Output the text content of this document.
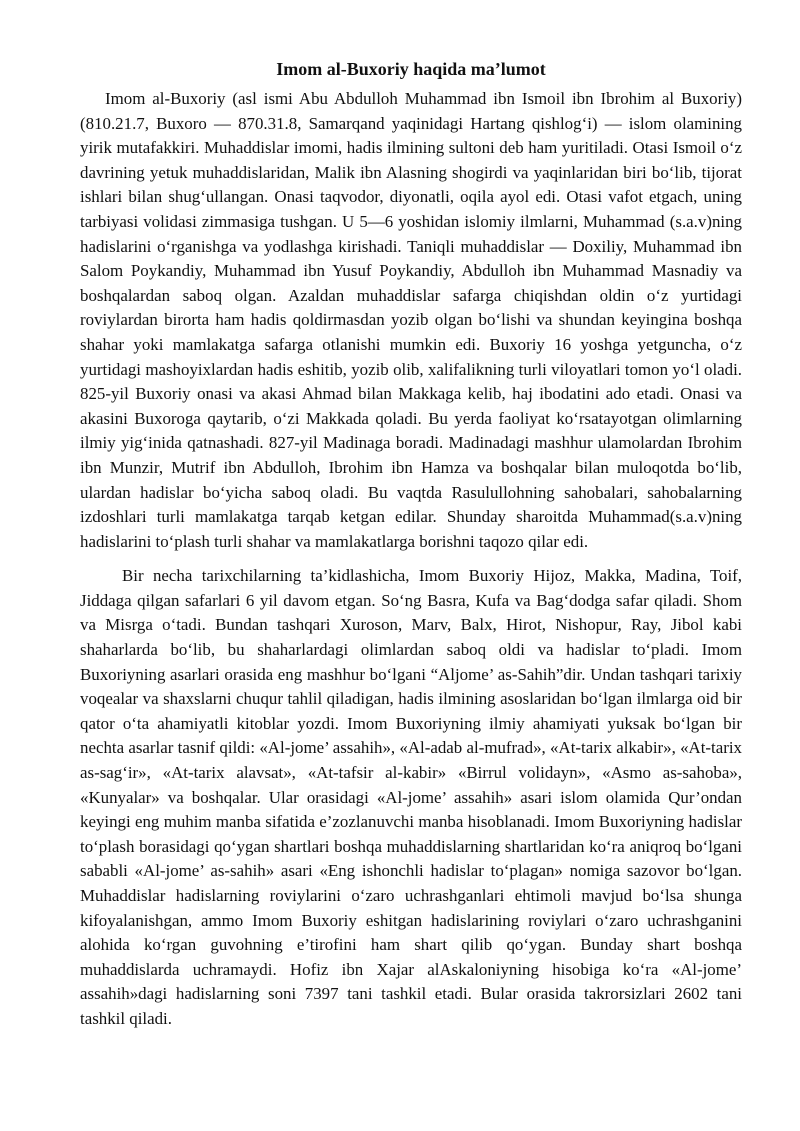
Imom al-Buxoriy haqida ma’lumot

Imom al-Buxoriy (asl ismi Abu Abdulloh Muhammad ibn Ismoil ibn Ibrohim al Buxoriy) (810.21.7, Buxoro — 870.31.8, Samarqand yaqinidagi Hartang qishlog‘i) — islom olamining yirik mutafakkiri. Muhaddislar imomi, hadis ilmining sultoni deb ham yuritiladi. Otasi Ismoil o‘z davrining yetuk muhaddislaridan, Malik ibn Alasning shogirdi va yaqinlaridan biri bo‘lib, tijorat ishlari bilan shug‘ullangan. Onasi taqvodor, diyonatli, oqila ayol edi. Otasi vafot etgach, uning tarbiyasi volidasi zimmasiga tushgan. U 5—6 yoshidan islomiy ilmlarni, Muhammad (s.a.v)ning hadislarini o‘rganishga va yodlashga kirishadi. Taniqli muhaddislar — Doxiliy, Muhammad ibn Salom Poykandiy, Muhammad ibn Yusuf Poykandiy, Abdulloh ibn Muhammad Masnadiy va boshqalardan saboq olgan. Azaldan muhaddislar safarga chiqishdan oldin o‘z yurtidagi roviylardan birorta ham hadis qoldirmasdan yozib olgan bo‘lishi va shundan keyingina boshqa shahar yoki mamlakatga safarga otlanishi mumkin edi. Buxoriy 16 yoshga yetguncha, o‘z yurtidagi mashoyixlardan hadis eshitib, yozib olib, xalifalikning turli viloyatlari tomon yo‘l oladi. 825-yil Buxoriy onasi va akasi Ahmad bilan Makkaga kelib, haj ibodatini ado etadi. Onasi va akasini Buxoroga qaytarib, o‘zi Makkada qoladi. Bu yerda faoliyat ko‘rsatayotgan olimlarning ilmiy yig‘inida qatnashadi. 827-yil Madinaga boradi. Madinadagi mashhur ulamolardan Ibrohim ibn Munzir, Mutrif ibn Abdulloh, Ibrohim ibn Hamza va boshqalar bilan muloqotda bo‘lib, ulardan hadislar bo‘yicha saboq oladi. Bu vaqtda Rasulullohning sahobalari, sahobalarning izdoshlari turli mamlakatga tarqab ketgan edilar. Shunday sharoitda Muhammad(s.a.v)ning hadislarini to‘plash turli shahar va mamlakatlarga borishni taqozo qilar edi.

Bir necha tarixchilarning ta’kidlashicha, Imom Buxoriy Hijoz, Makka, Madina, Toif, Jiddaga qilgan safarlari 6 yil davom etgan. So‘ng Basra, Kufa va Bag‘dodga safar qiladi. Shom va Misrga o‘tadi. Bundan tashqari Xuroson, Marv, Balx, Hirot, Nishopur, Ray, Jibol kabi shaharlarda bo‘lib, bu shaharlardagi olimlardan saboq oldi va hadislar to‘pladi. Imom Buxoriyning asarlari orasida eng mashhur bo‘lgani “Aljome’ as-Sahih”dir. Undan tashqari tarixiy voqealar va shaxslarni chuqur tahlil qiladigan, hadis ilmining asoslaridan bo‘lgan ilmlarga oid bir qator o‘ta ahamiyatli kitoblar yozdi. Imom Buxoriyning ilmiy ahamiyati yuksak bo‘lgan bir nechta asarlar tasnif qildi: «Al-jome’ assahih», «Al-adab al-mufrad», «At-tarix alkabir», «At-tarix as-sag‘ir», «At-tarix alavsat», «At-tafsir al-kabir» «Birrul volidayn», «Asmo as-sahoba», «Kunyalar» va boshqalar. Ular orasidagi «Al-jome’ assahih» asari islom olamida Qur’ondan keyingi eng muhim manba sifatida e’zozlanuvchi manba hisoblanadi. Imom Buxoriyning hadislar to‘plash borasidagi qo‘ygan shartlari boshqa muhaddislarning shartlaridan ko‘ra aniqroq bo‘lgani sababli «Al-jome’ as-sahih» asari «Eng ishonchli hadislar to‘plagan» nomiga sazovor bo‘lgan. Muhaddislar hadislarning roviylarini o‘zaro uchrashganlari ehtimoli mavjud bo‘lsa shunga kifoyalanishgan, ammo Imom Buxoriy eshitgan hadislarining roviylari o‘zaro uchrashganini alohida ko‘rgan guvohning e’tirofini ham shart qilib qo‘ygan. Bunday shart boshqa muhaddislarda uchramaydi. Hofiz ibn Xajar alAskaloniyning hisobiga ko‘ra «Al-jome’ assahih»dagi hadislarning soni 7397 tani tashkil etadi. Bular orasida takrorsizlari 2602 tani tashkil qiladi.
